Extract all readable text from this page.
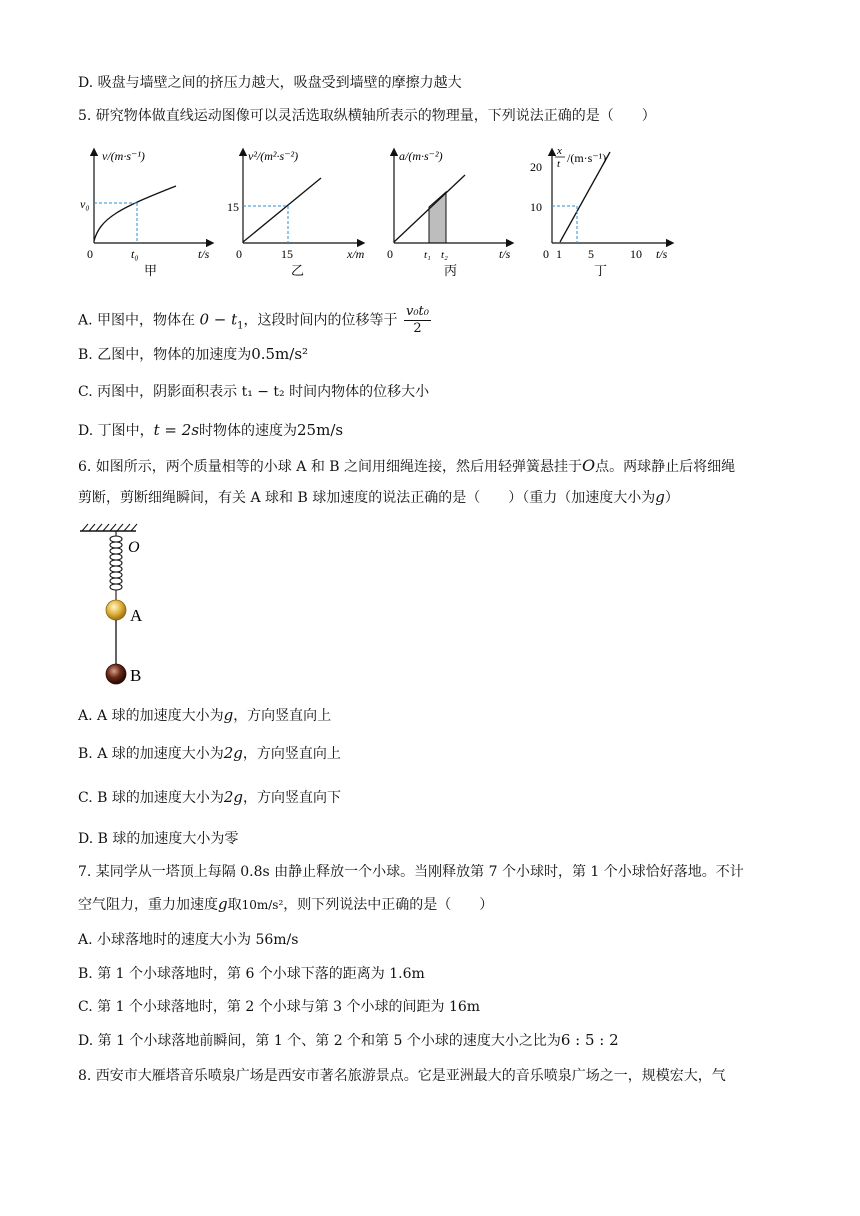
D. 吸盘与墙壁之间的挤压力越大，吸盘受到墙壁的摩擦力越大
5. 研究物体做直线运动图像可以灵活选取纵横轴所表示的物理量，下列说法正确的是（　　）
v/(m·s⁻¹)
v₀
0	t₀	t/s
甲
v²/(m²·s⁻²)
15
0	15	x/m
乙
a/(m·s⁻²)
0	t₁ t₂	t/s
丙
x
t /(m·s⁻¹)
20
10
0 1 5	10 t/s
丁
A. 甲图中，物体在 $0 - t_1$，这段时间内的位移等于 $\frac{\text{v₀t₀}}{2}$
B. 乙图中，物体的加速度为0.5m/s²
C. 丙图中，阴影面积表示 t₁ − t₂ 时间内物体的位移大小
D. 丁图中，t = 2s时物体的速度为25m/s
6. 如图所示，两个质量相等的小球 A 和 B 之间用细绳连接，然后用轻弹簧悬挂于O点。两球静止后将细绳
剪断，剪断细绳瞬间，有关 A 球和 B 球加速度的说法正确的是（　　）（重力（加速度大小为g）
O
A
B
A. A 球的加速度大小为g，方向竖直向上
B. A 球的加速度大小为2g，方向竖直向上
C. B 球的加速度大小为2g，方向竖直向下
D. B 球的加速度大小为零
7. 某同学从一塔顶上每隔 0.8s 由静止释放一个小球。当刚释放第 7 个小球时，第 1 个小球恰好落地。不计
空气阻力，重力加速度g取10m/s²，则下列说法中正确的是（　　）
A. 小球落地时的速度大小为 56m/s
B. 第 1 个小球落地时，第 6 个小球下落的距离为 1.6m
C. 第 1 个小球落地时，第 2 个小球与第 3 个小球的间距为 16m
D. 第 1 个小球落地前瞬间，第 1 个、第 2 个和第 5 个小球的速度大小之比为6 : 5 : 2
8. 西安市大雁塔音乐喷泉广场是西安市著名旅游景点。它是亚洲最大的音乐喷泉广场之一，规模宏大，气
